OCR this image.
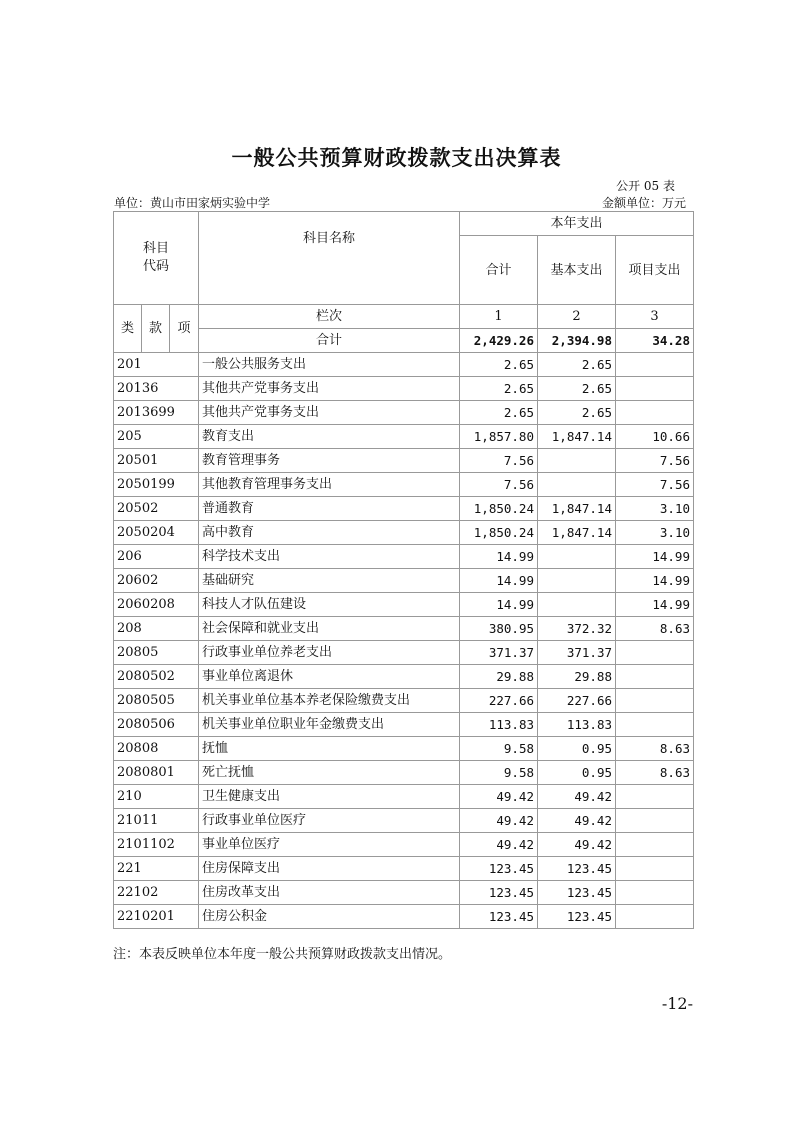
一般公共预算财政拨款支出决算表
公开 05 表
单位：黄山市田家炳实验中学	金额单位：万元
科目
代码			科目名称	本年支出		
				合计	基本支出	项目支出
类	款	项	栏次	1	2	3
			合计	2,429.26	2,394.98	34.28
201			一般公共服务支出	2.65	2.65	
20136			其他共产党事务支出	2.65	2.65	
2013699			其他共产党事务支出	2.65	2.65	
205			教育支出	1,857.80	1,847.14	10.66
20501			教育管理事务	7.56		7.56
2050199			其他教育管理事务支出	7.56		7.56
20502			普通教育	1,850.24	1,847.14	3.10
2050204			高中教育	1,850.24	1,847.14	3.10
206			科学技术支出	14.99		14.99
20602			基础研究	14.99		14.99
2060208			科技人才队伍建设	14.99		14.99
208			社会保障和就业支出	380.95	372.32	8.63
20805			行政事业单位养老支出	371.37	371.37	
2080502			事业单位离退休	29.88	29.88	
2080505			机关事业单位基本养老保险缴费支出	227.66	227.66	
2080506			机关事业单位职业年金缴费支出	113.83	113.83	
20808			抚恤	9.58	0.95	8.63
2080801			死亡抚恤	9.58	0.95	8.63
210			卫生健康支出	49.42	49.42	
21011			行政事业单位医疗	49.42	49.42	
2101102			事业单位医疗	49.42	49.42	
221			住房保障支出	123.45	123.45	
22102			住房改革支出	123.45	123.45	
2210201			住房公积金	123.45	123.45	
注：本表反映单位本年度一般公共预算财政拨款支出情况。
-12-
